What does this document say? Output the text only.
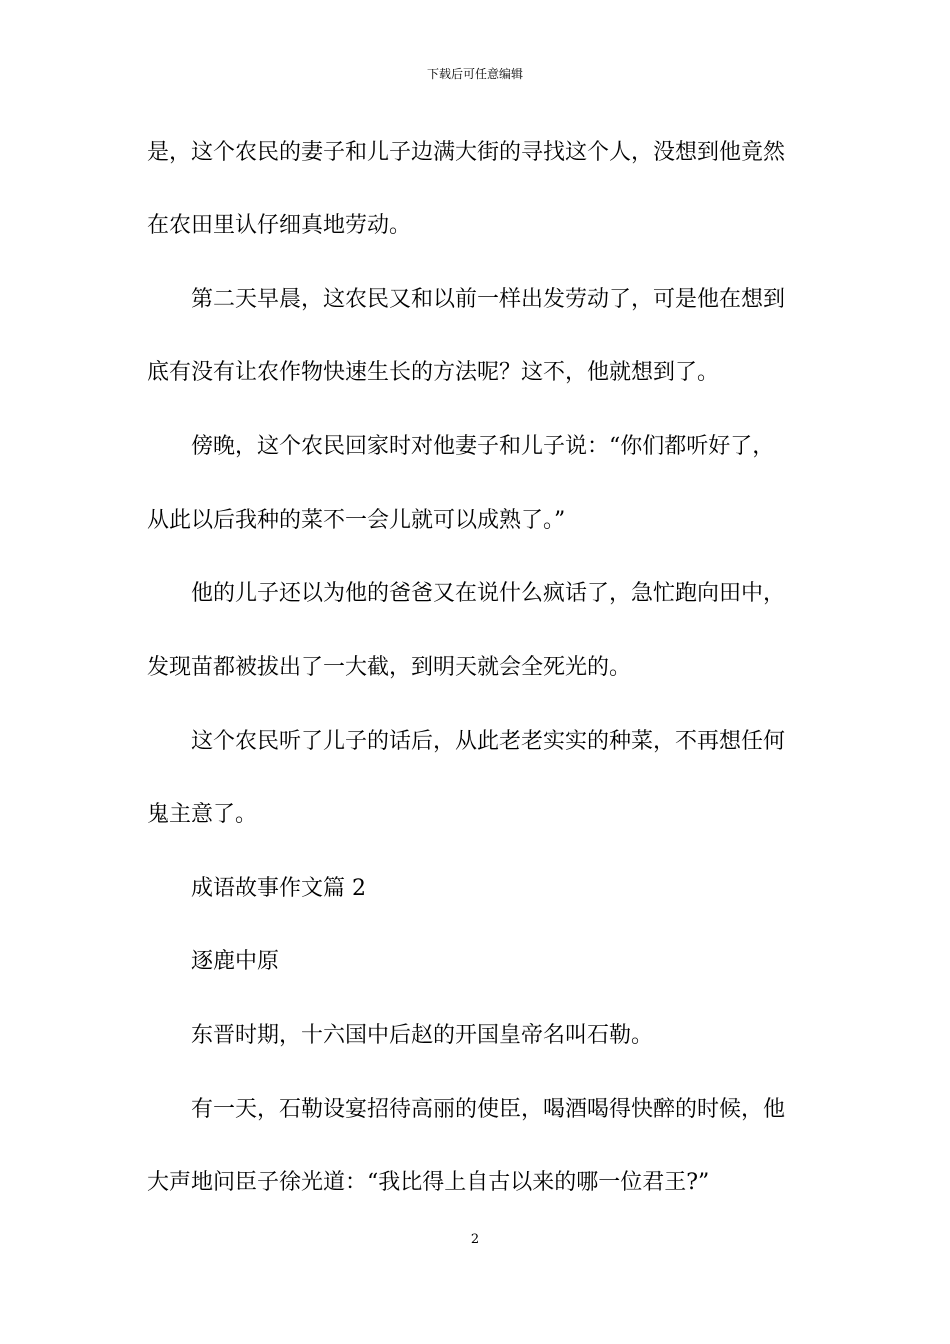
下载后可任意编辑
是，这个农民的妻子和儿子边满大街的寻找这个人，没想到他竟然
在农田里认仔细真地劳动。
第二天早晨，这农民又和以前一样出发劳动了，可是他在想到
底有没有让农作物快速生长的方法呢？这不，他就想到了。
傍晚，这个农民回家时对他妻子和儿子说：“你们都听好了，
从此以后我种的菜不一会儿就可以成熟了。”
他的儿子还以为他的爸爸又在说什么疯话了，急忙跑向田中，
发现苗都被拔出了一大截，到明天就会全死光的。
这个农民听了儿子的话后，从此老老实实的种菜，不再想任何
鬼主意了。
成语故事作文篇 2
逐鹿中原
东晋时期，十六国中后赵的开国皇帝名叫石勒。
有一天，石勒设宴招待高丽的使臣，喝酒喝得快醉的时候，他
大声地问臣子徐光道：“我比得上自古以来的哪一位君王?”
2
